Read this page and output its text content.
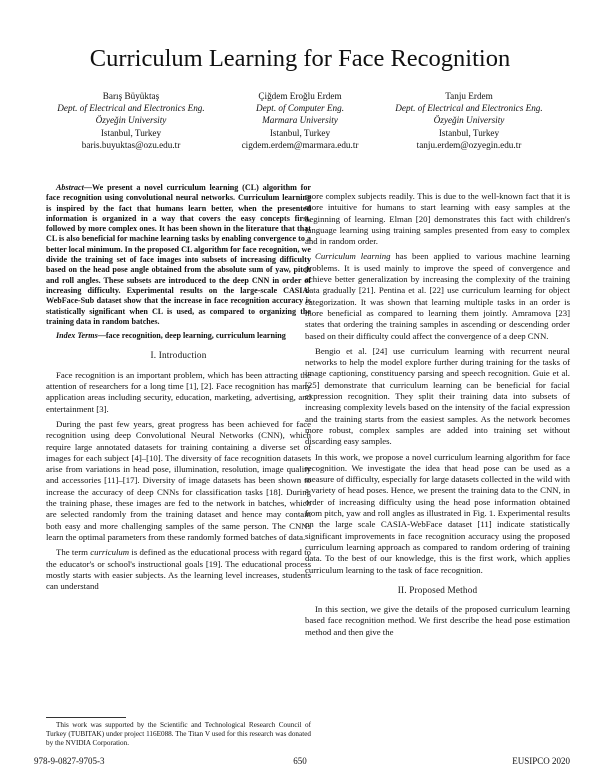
Curriculum Learning for Face Recognition
Barış Büyüktaş
Dept. of Electrical and Electronics Eng.
Özyeğin University
Istanbul, Turkey
baris.buyuktas@ozu.edu.tr
Çiğdem Eroğlu Erdem
Dept. of Computer Eng.
Marmara University
Istanbul, Turkey
cigdem.erdem@marmara.edu.tr
Tanju Erdem
Dept. of Electrical and Electronics Eng.
Özyeğin University
Istanbul, Turkey
tanju.erdem@ozyegin.edu.tr

Abstract—We present a novel curriculum learning (CL) algorithm for face recognition using convolutional neural networks. Curriculum learning is inspired by the fact that humans learn better, when the presented information is organized in a way that covers the easy concepts first, followed by more complex ones. It has been shown in the literature that that CL is also beneficial for machine learning tasks by enabling convergence to a better local minimum. In the proposed CL algorithm for face recognition, we divide the training set of face images into subsets of increasing difficulty based on the head pose angle obtained from the absolute sum of yaw, pitch and roll angles. These subsets are introduced to the deep CNN in order of increasing difficulty. Experimental results on the large-scale CASIA-WebFace-Sub dataset show that the increase in face recognition accuracy is statistically significant when CL is used, as compared to organizing the training data in random batches.

Index Terms—face recognition, deep learning, curriculum learning

I. Introduction

Face recognition is an important problem, which has been attracting the attention of researchers for a long time [1], [2]. Face recognition has many application areas including security, education, marketing, advertising, and entertainment [3].

During the past few years, great progress has been achieved for face recognition using deep Convolutional Neural Networks (CNN), which require large annotated datasets for training containing a diverse set of images for each subject [4]–[10]. The diversity of face recognition datasets arise from variations in head pose, illumination, resolution, image quality and accessories [11]–[17]. Diversity of image datasets has been shown to increase the accuracy of deep CNNs for classification tasks [18]. During the training phase, these images are fed to the network in batches, which are selected randomly from the training dataset and hence may contain both easy and more challenging samples of the same person. The CNNs learn the optimal parameters from these randomly formed batches of data.

The term curriculum is defined as the educational process with regard to the educator's or school's instructional goals [19]. The educational process mostly starts with easier subjects. As the learning level increases, students can understand

This work was supported by the Scientific and Technological Research Council of Turkey (TUBITAK) under project 116E088. The Titan V used for this research was donated by the NVIDIA Corporation.

more complex subjects readily. This is due to the well-known fact that it is more intuitive for humans to start learning with easy samples at the beginning of learning. Elman [20] demonstrates this fact with children's language learning using training samples presented from easy to complex and in random order.

Curriculum learning has been applied to various machine learning problems. It is used mainly to improve the speed of convergence and achieve better generalization by increasing the complexity of the training data gradually [21]. Pentina et al. [22] use curriculum learning for object categorization. It was shown that learning multiple tasks in an order is more beneficial as compared to learning them jointly. Amramova [23] states that ordering the training samples in ascending or descending order based on their difficulty could affect the convergence of a deep CNN.

Bengio et al. [24] use curriculum learning with recurrent neural networks to help the model explore further during training for the tasks of image captioning, constituency parsing and speech recognition. Guie et al. [25] demonstrate that curriculum learning can be beneficial for facial expression recognition. They split their training data into subsets of increasing complexity levels based on the intensity of the facial expression and the training starts from the easiest samples. As the network becomes more robust, complex samples are added into training set without discarding easy samples.

In this work, we propose a novel curriculum learning algorithm for face recognition. We investigate the idea that head pose can be used as a measure of difficulty, especially for large datasets collected in the wild with a variety of head poses. Hence, we present the training data to the CNN, in order of increasing difficulty using the head pose information obtained from pitch, yaw and roll angles as illustrated in Fig. 1. Experimental results on the large scale CASIA-WebFace dataset [11] indicate statistically significant improvements in face recognition accuracy using the proposed curriculum learning approach as compared to random ordering of training data. To the best of our knowledge, this is the first work, which applies curriculum learning to the task of face recognition.

II. Proposed Method

In this section, we give the details of the proposed curriculum learning based face recognition method. We first describe the head pose estimation method and then give the

978-9-0827-9705-3	650	EUSIPCO 2020
